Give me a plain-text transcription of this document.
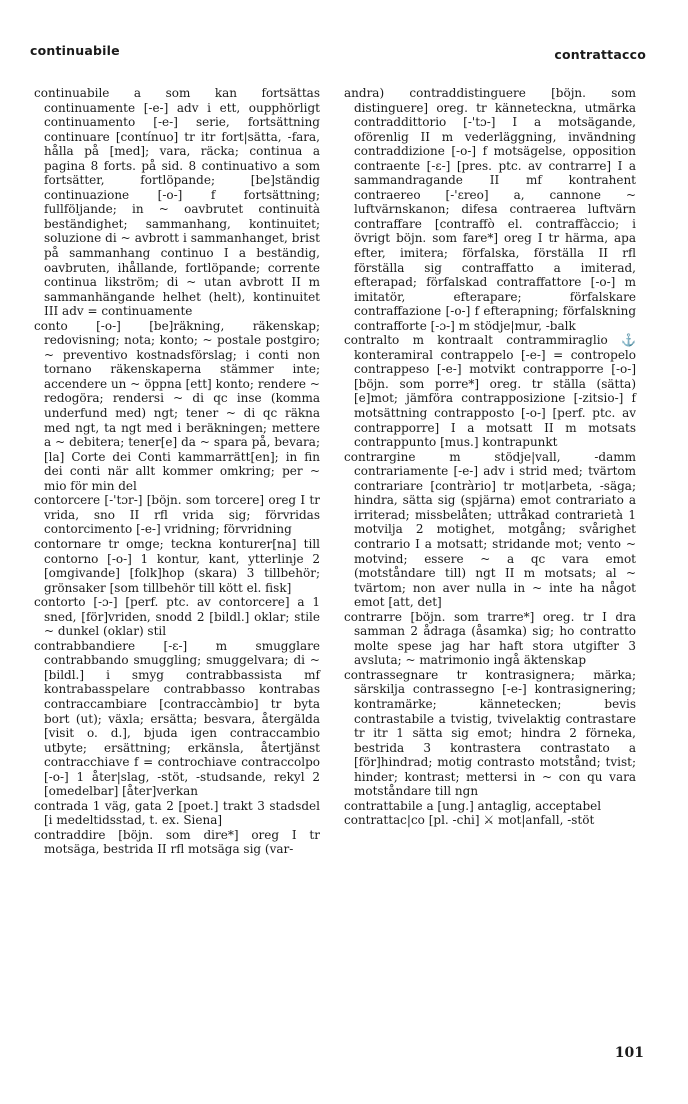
continuabile	contrattacco

continuabile a som kan fortsättas continuamente [-e-] adv i ett, oupphörligt continuamento [-e-] serie, fortsättning continuare [contínuo] tr itr fort|sätta, -fara, hålla på [med]; vara, räcka; continua a pagina 8 forts. på sid. 8 continuativo a som fortsätter, fortlöpande; [be]ständig continuazione [-o-] f fortsättning; fullföljande; in ~ oavbrutet continuità beständighet; sammanhang, kontinuitet; soluzione di ~ avbrott i sammanhanget, brist på sammanhang continuo I a beständig, oavbruten, ihållande, fortlöpande; corrente continua likström; di ~ utan avbrott II m sammanhängande helhet (helt), kontinuitet III adv = continuamente

conto [-o-] [be]räkning, räkenskap; redovisning; nota; konto; ~ postale postgiro; ~ preventivo kostnadsförslag; i conti non tornano räkenskaperna stämmer inte; accendere un ~ öppna [ett] konto; rendere ~ redogöra; rendersi ~ di qc inse (komma underfund med) ngt; tener ~ di qc räkna med ngt, ta ngt med i beräkningen; mettere a ~ debitera; tener[e] da ~ spara på, bevara; [la] Corte dei Conti kammarrätt[en]; in fin dei conti när allt kommer omkring; per ~ mio för min del

contorcere [-'tɔr-] [böjn. som torcere] oreg I tr vrida, sno II rfl vrida sig; förvridas contorcimento [-e-] vridning; förvridning

contornare tr omge; teckna konturer[na] till contorno [-o-] 1 kontur, kant, ytterlinje 2 [omgivande] [folk]hop (skara) 3 tillbehör; grönsaker [som tillbehör till kött el. fisk]

contorto [-ɔ-] [perf. ptc. av contorcere] a 1 sned, [för]vriden, snodd 2 [bildl.] oklar; stile ~ dunkel (oklar) stil

contrabbandiere [-ɛ-] m smugglare contrabbando smuggling; smuggelvara; di ~ [bildl.] i smyg contrabbassista mf kontrabasspelare contrabbasso kontrabas contraccambiare [contraccàmbio] tr byta bort (ut); växla; ersätta; besvara, återgälda [visit o. d.], bjuda igen contraccambio utbyte; ersättning; erkänsla, återtjänst contracchiave f = controchiave contraccolpo [-o-] 1 åter|slag, -stöt, -studsande, rekyl 2 [omedelbar] [åter]verkan

contrada 1 väg, gata 2 [poet.] trakt 3 stadsdel [i medeltidsstad, t. ex. Siena]

contraddire [böjn. som dire*] oreg I tr motsäga, bestrida II rfl motsäga sig (var-

andra) contraddistinguere [böjn. som distinguere] oreg. tr känneteckna, utmärka contraddittorio [-'tɔ-] I a motsägande, oförenlig II m vederläggning, invändning contraddizione [-o-] f motsägelse, opposition contraente [-ɛ-] [pres. ptc. av contrarre] I a sammandragande II mf kontrahent contraereo [-'ɛreo] a, cannone ~ luftvärnskanon; difesa contraerea luftvärn contraffare [contraffò el. contraffàccio; i övrigt böjn. som fare*] oreg I tr härma, apa efter, imitera; förfalska, förställa II rfl förställa sig contraffatto a imiterad, efterapad; förfalskad contraffattore [-o-] m imitatör, efterapare; förfalskare contraffazione [-o-] f efterapning; förfalskning contrafforte [-ɔ-] m stödje|mur, -balk

contralto m kontraalt contrammiraglio ⚓ konteramiral contrappelo [-e-] = contropelo contrappeso [-e-] motvikt contrapporre [-o-] [böjn. som porre*] oreg. tr ställa (sätta) [e]mot; jämföra contrapposizione [-zitsio-] f motsättning contrapposto [-o-] [perf. ptc. av contrapporre] I a motsatt II m motsats contrappunto [mus.] kontrapunkt

contrargine m stödje|vall, -damm contrariamente [-e-] adv i strid med; tvärtom contrariare [contràrio] tr mot|arbeta, -säga; hindra, sätta sig (spjärna) emot contrariato a irriterad; missbelåten; uttråkad contrarietà 1 motvilja 2 motighet, motgång; svårighet contrario I a motsatt; stridande mot; vento ~ motvind; essere ~ a qc vara emot (motståndare till) ngt II m motsats; al ~ tvärtom; non aver nulla in ~ inte ha något emot [att, det]

contrarre [böjn. som trarre*] oreg. tr I dra samman 2 ådraga (åsamka) sig; ho contratto molte spese jag har haft stora utgifter 3 avsluta; ~ matrimonio ingå äktenskap

contrassegnare tr kontrasignera; märka; särskilja contrassegno [-e-] kontrasignering; kontramärke; kännetecken; bevis contrastabile a tvistig, tvivelaktig contrastare tr itr 1 sätta sig emot; hindra 2 förneka, bestrida 3 kontrastera contrastato a [för]hindrad; motig contrasto motstånd; tvist; hinder; kontrast; mettersi in ~ con qu vara motståndare till ngn

contrattabile a [ung.] antaglig, acceptabel

contrattac|co [pl. -chi] ⚔ mot|anfall, -stöt

101
